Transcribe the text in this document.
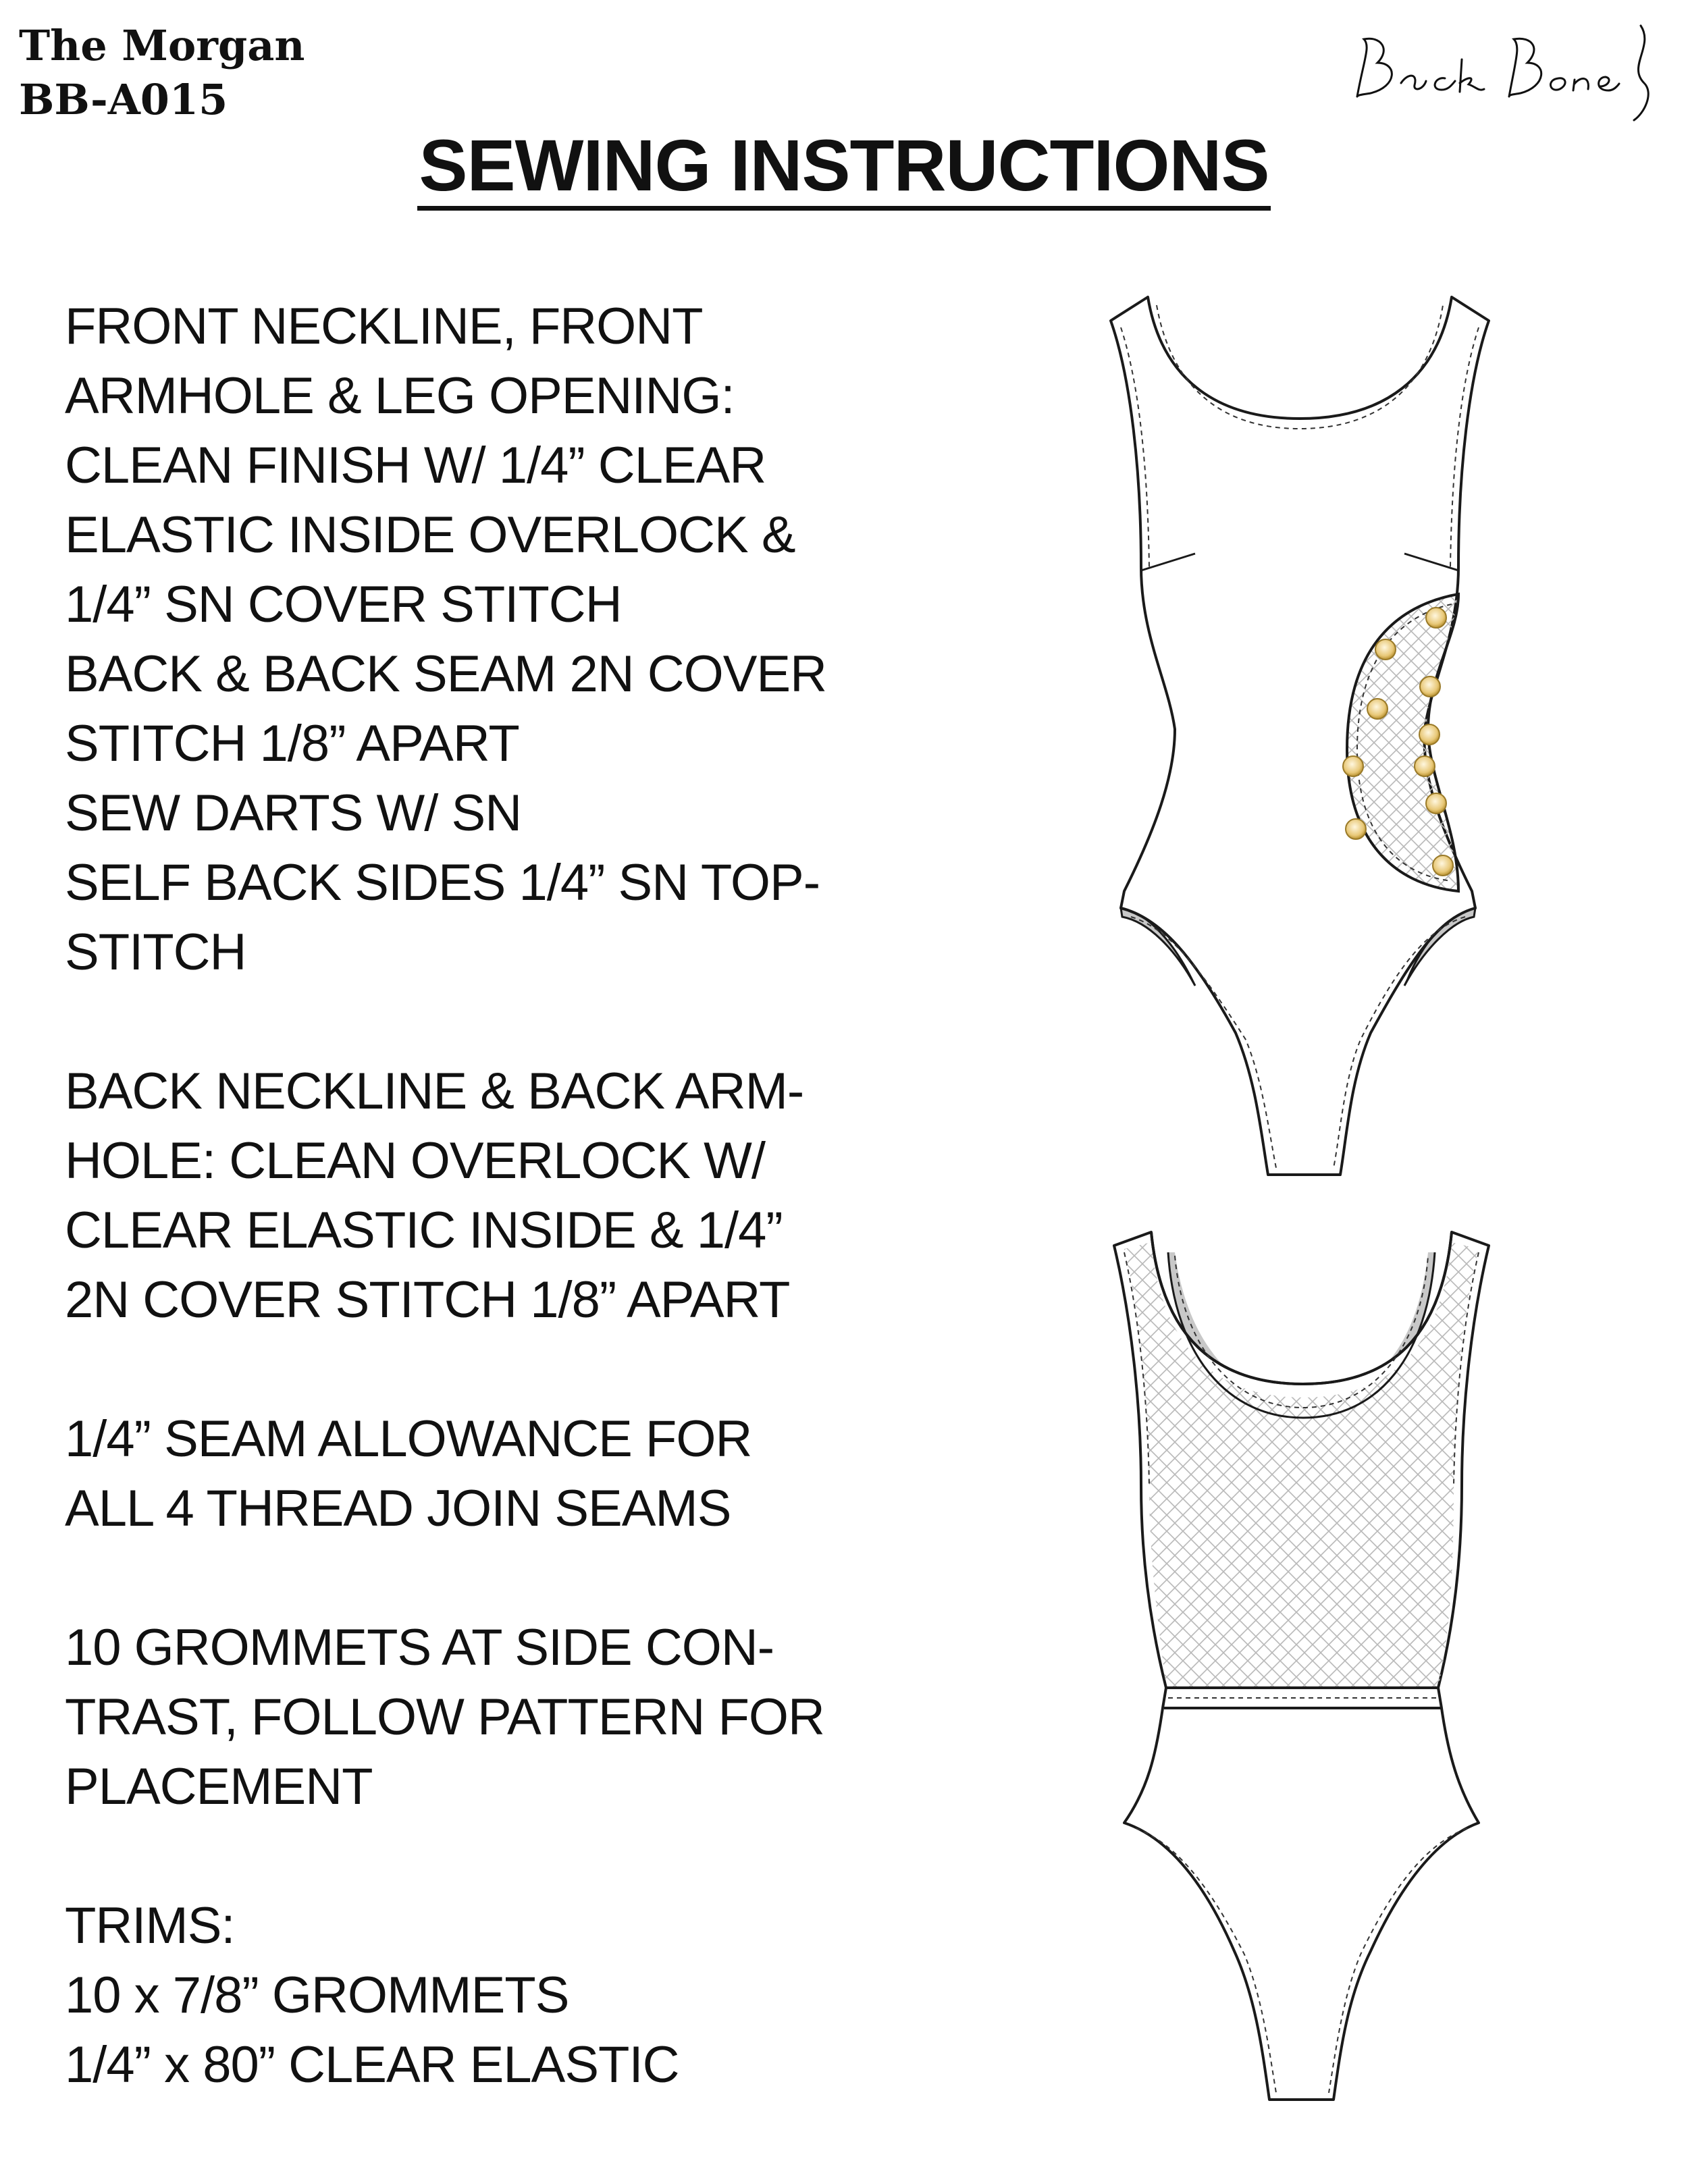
The Morgan
BB-A015
SEWING INSTRUCTIONS
FRONT NECKLINE, FRONT
ARMHOLE & LEG OPENING:
CLEAN FINISH W/ 1/4” CLEAR
ELASTIC INSIDE OVERLOCK &
1/4” SN COVER STITCH
BACK & BACK SEAM 2N COVER
STITCH 1/8” APART
SEW DARTS W/ SN
SELF BACK SIDES 1/4” SN TOP-
STITCH
BACK NECKLINE & BACK ARM-
HOLE: CLEAN OVERLOCK W/
CLEAR ELASTIC INSIDE & 1/4”
2N COVER STITCH 1/8” APART
1/4” SEAM ALLOWANCE FOR
ALL 4 THREAD JOIN SEAMS
10 GROMMETS AT SIDE CON-
TRAST, FOLLOW PATTERN FOR
PLACEMENT
TRIMS:
10 x 7/8” GROMMETS
1/4” x 80” CLEAR ELASTIC
